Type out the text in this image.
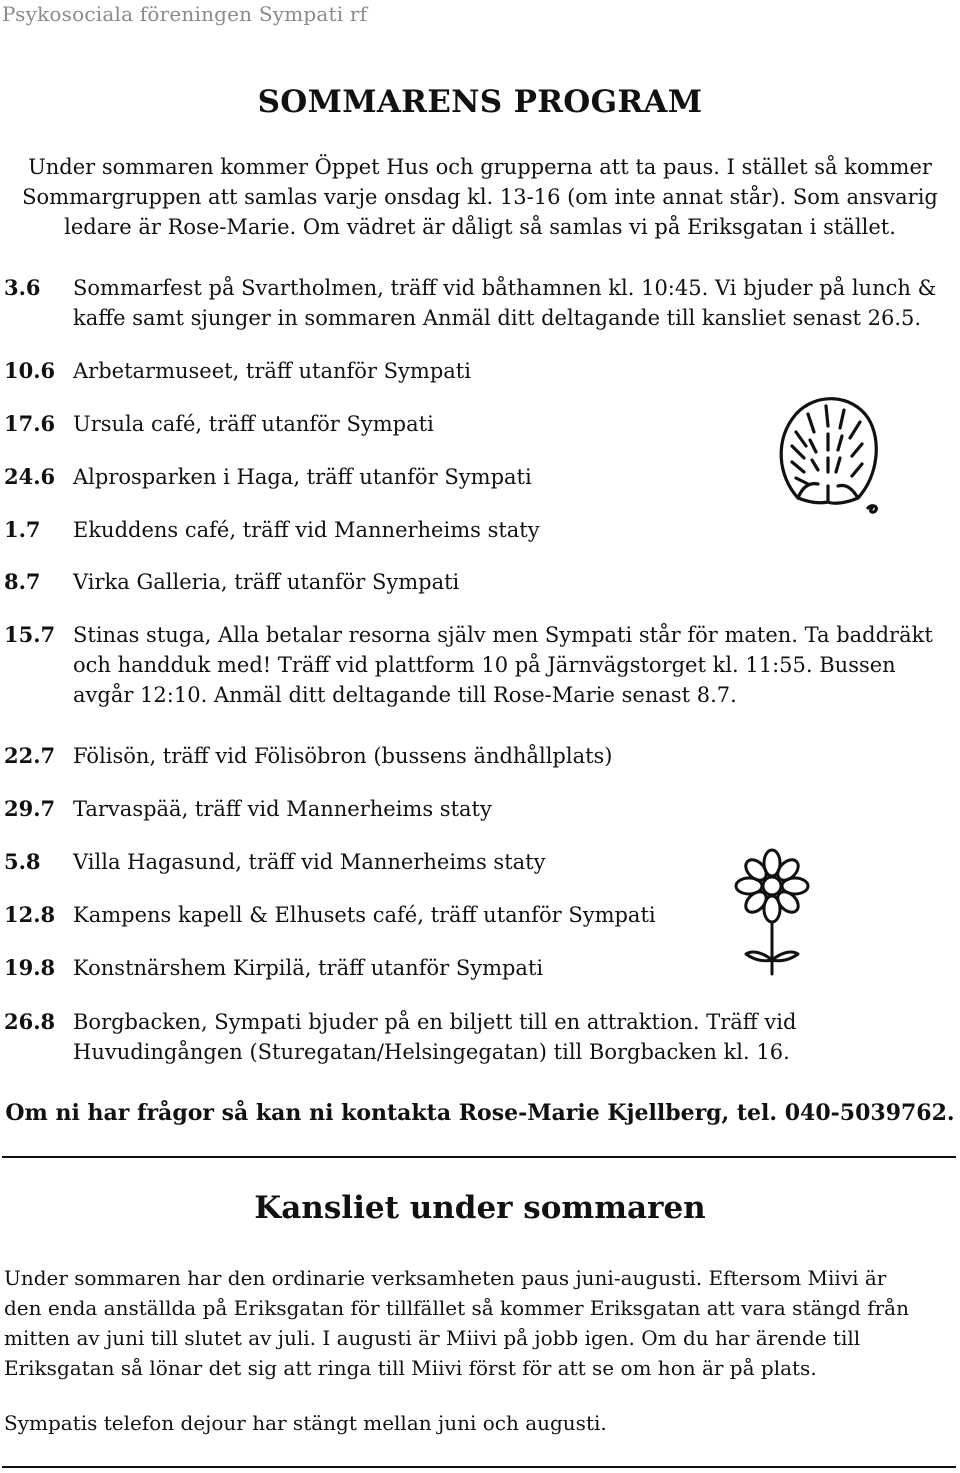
Psykosociala föreningen Sympati rf
SOMMARENS PROGRAM
Under sommaren kommer Öppet Hus och grupperna att ta paus. I stället så kommer
Sommargruppen att samlas varje onsdag kl. 13-16 (om inte annat står). Som ansvarig
ledare är Rose-Marie. Om vädret är dåligt så samlas vi på Eriksgatan i stället.
3.6 Sommarfest på Svartholmen, träff vid båthamnen kl. 10:45. Vi bjuder på lunch &
kaffe samt sjunger in sommaren Anmäl ditt deltagande till kansliet senast 26.5.
10.6 Arbetarmuseet, träff utanför Sympati
17.6 Ursula café, träff utanför Sympati
24.6 Alprosparken i Haga, träff utanför Sympati
1.7 Ekuddens café, träff vid Mannerheims staty
8.7 Virka Galleria, träff utanför Sympati
15.7 Stinas stuga, Alla betalar resorna själv men Sympati står för maten. Ta baddräkt
och handduk med! Träff vid plattform 10 på Järnvägstorget kl. 11:55. Bussen
avgår 12:10. Anmäl ditt deltagande till Rose-Marie senast 8.7.
22.7 Fölisön, träff vid Fölisöbron (bussens ändhållplats)
29.7 Tarvaspää, träff vid Mannerheims staty
5.8 Villa Hagasund, träff vid Mannerheims staty
12.8 Kampens kapell & Elhusets café, träff utanför Sympati
19.8 Konstnärshem Kirpilä, träff utanför Sympati
26.8 Borgbacken, Sympati bjuder på en biljett till en attraktion. Träff vid
Huvudingången (Sturegatan/Helsingegatan) till Borgbacken kl. 16.
Om ni har frågor så kan ni kontakta Rose-Marie Kjellberg, tel. 040-5039762.
Kansliet under sommaren
Under sommaren har den ordinarie verksamheten paus juni-augusti. Eftersom Miivi är
den enda anställda på Eriksgatan för tillfället så kommer Eriksgatan att vara stängd från
mitten av juni till slutet av juli. I augusti är Miivi på jobb igen. Om du har ärende till
Eriksgatan så lönar det sig att ringa till Miivi först för att se om hon är på plats.
Sympatis telefon dejour har stängt mellan juni och augusti.
